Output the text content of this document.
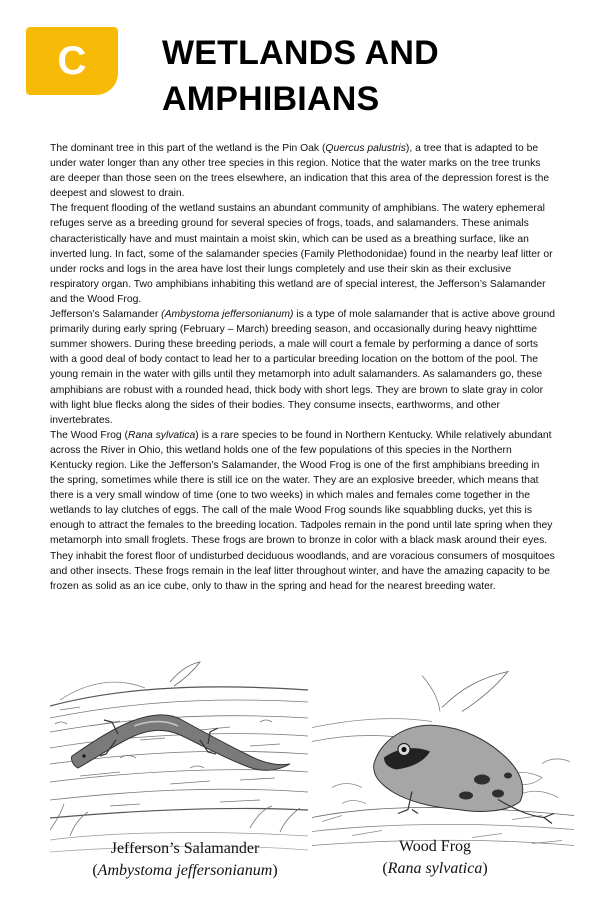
C WETLANDS AND
AMPHIBIANS

The dominant tree in this part of the wetland is the Pin Oak (Quercus palustris), a tree that is adapted to be under water longer than any other tree species in this region. Notice that the water marks on the tree trunks are deeper than those seen on the trees elsewhere, an indication that this area of the depression forest is the deepest and slowest to drain.

The frequent flooding of the wetland sustains an abundant community of amphibians. The watery ephemeral refuges serve as a breeding ground for several species of frogs, toads, and salamanders. These animals characteristically have and must maintain a moist skin, which can be used as a breathing surface, like an inverted lung. In fact, some of the salamander species (Family Plethodonidae) found in the nearby leaf litter or under rocks and logs in the area have lost their lungs completely and use their skin as their exclusive respiratory organ. Two amphibians inhabiting this wetland are of special interest, the Jefferson’s Salamander and the Wood Frog.

Jefferson’s Salamander (Ambystoma jeffersonianum) is a type of mole salamander that is active above ground primarily during early spring (February – March) breeding season, and occasionally during heavy nighttime summer showers. During these breeding periods, a male will court a female by performing a dance of sorts with a good deal of body contact to lead her to a particular breeding location on the bottom of the pool. The young remain in the water with gills until they metamorph into adult salamanders. As salamanders go, these amphibians are robust with a rounded head, thick body with short legs. They are brown to slate gray in color with light blue flecks along the sides of their bodies. They consume insects, earthworms, and other invertebrates.

The Wood Frog (Rana sylvatica) is a rare species to be found in Northern Kentucky. While relatively abundant across the River in Ohio, this wetland holds one of the few populations of this species in the Northern Kentucky region. Like the Jefferson’s Salamander, the Wood Frog is one of the first amphibians breeding in the spring, sometimes while there is still ice on the water. They are an explosive breeder, which means that there is a very small window of time (one to two weeks) in which males and females come together in the wetlands to lay clutches of eggs. The call of the male Wood Frog sounds like squabbling ducks, yet this is enough to attract the females to the breeding location. Tadpoles remain in the pond until late spring when they metamorph into small froglets. These frogs are brown to bronze in color with a black mask around their eyes. They inhabit the forest floor of undisturbed deciduous woodlands, and are voracious consumers of mosquitoes and other insects. These frogs remain in the leaf litter throughout winter, and have the amazing capacity to be frozen as solid as an ice cube, only to thaw in the spring and head for the nearest breeding water.

Jefferson’s Salamander
(Ambystoma jeffersonianum)
Wood Frog
(Rana sylvatica)
